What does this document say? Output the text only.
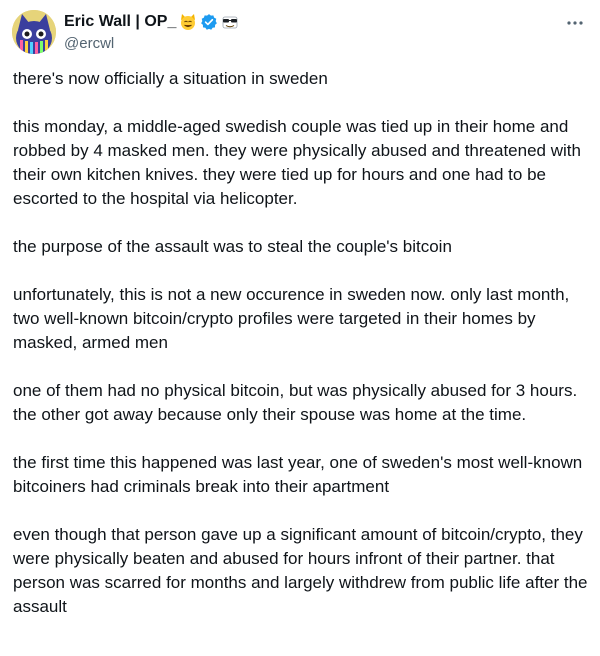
Eric Wall | OP_
@ercwl

there's now officially a situation in sweden

this monday, a middle-aged swedish couple was tied up in their home and robbed by 4 masked men. they were physically abused and threatened with their own kitchen knives. they were tied up for hours and one had to be escorted to the hospital via helicopter.

the purpose of the assault was to steal the couple's bitcoin

unfortunately, this is not a new occurence in sweden now. only last month, two well-known bitcoin/crypto profiles were targeted in their homes by masked, armed men

one of them had no physical bitcoin, but was physically abused for 3 hours. the other got away because only their spouse was home at the time.

the first time this happened was last year, one of sweden's most well-known bitcoiners had criminals break into their apartment

even though that person gave up a significant amount of bitcoin/crypto, they were physically beaten and abused for hours infront of their partner. that person was scarred for months and largely withdrew from public life after the assault
